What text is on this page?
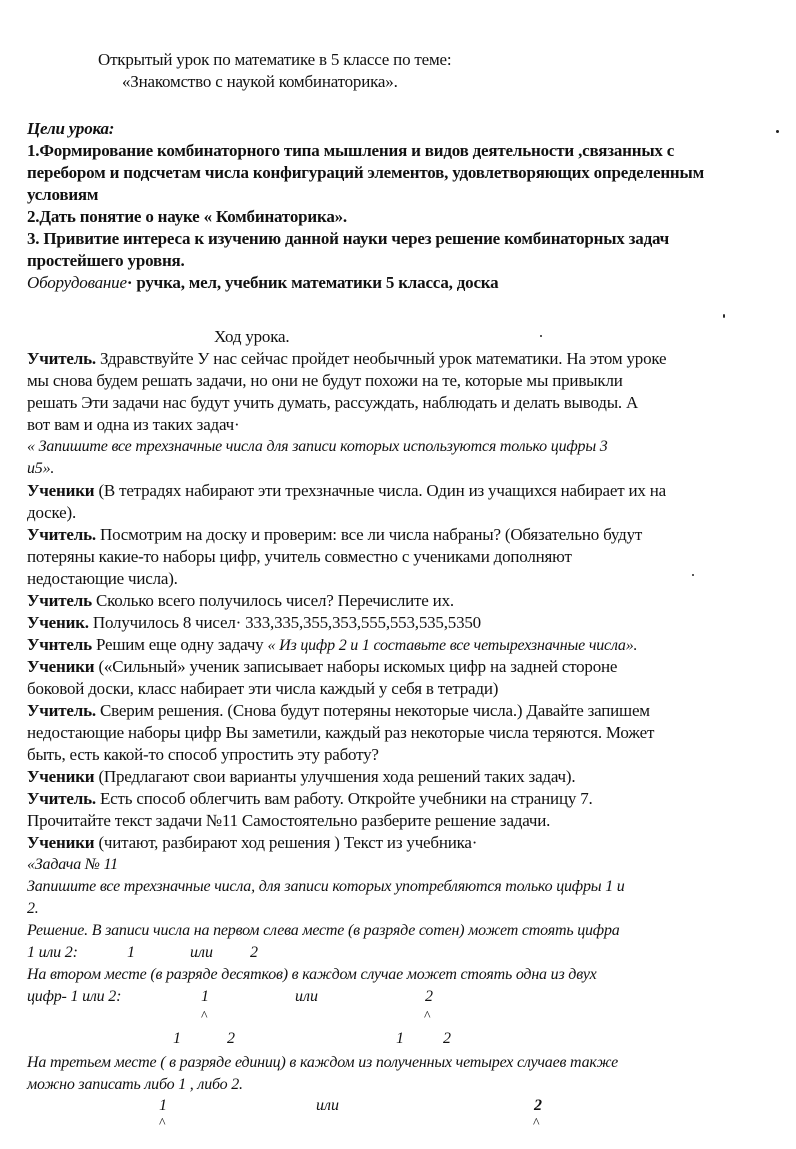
Открытый урок по математике в 5 классе по теме:
«Знакомство с наукой комбинаторика».
Цели урока:
1.Формирование комбинаторного типа мышления и видов деятельности ,связанных с
перебором и подсчетам числа конфигураций элементов, удовлетворяющих определенным
условиям
2.Дать понятие о науке « Комбинаторика».
3. Привитие интереса к изучению данной науки через решение комбинаторных задач
простейшего уровня.
Оборудование· ручка, мел, учебник математики 5 класса, доска
Ход урока.
Учитель. Здравствуйте У нас сейчас пройдет необычный урок математики. На этом уроке
мы снова будем решать задачи, но они не будут похожи на те, которые мы привыкли
решать Эти задачи нас будут учить думать, рассуждать, наблюдать и делать выводы. А
вот вам и одна из таких задач·
« Запишите все трехзначные числа для записи которых используются только цифры 3
и5».
Ученики (В тетрадях набирают эти трехзначные числа. Один из учащихся набирает их на
доске).
Учитель. Посмотрим на доску и проверим: все ли числа набраны? (Обязательно будут
потеряны какие-то наборы цифр, учитель совместно с учениками дополняют
недостающие числа).
Учитель Сколько всего получилось чисел? Перечислите их.
Ученик. Получилось 8 чисел· 333,335,355,353,555,553,535,5350
Учнтель Решим еще одну задачу « Из цифр 2 и 1 составьте все четырехзначные числа».
Ученики («Сильный» ученик записывает наборы искомых цифр на задней стороне
боковой доски, класс набирает эти числа каждый у себя в тетради)
Учитель. Сверим решения. (Снова будут потеряны некоторые числа.) Давайте запишем
недостающие наборы цифр Вы заметили, каждый раз некоторые числа теряются. Может
быть, есть какой-то способ упростить эту работу?
Ученики (Предлагают свои варианты улучшения хода решений таких задач).
Учитель. Есть способ облегчить вам работу. Откройте учебники на страницу 7.
Прочитайте текст задачи №11 Самостоятельно разберите решение задачи.
Ученики (читают, разбирают ход решения ) Текст из учебника·
«Задача № 11
Запишите все трехзначные числа, для записи которых употребляются только цифры 1 и
2.
Решение. В записи числа на первом слева месте (в разряде сотен) может стоять цифра
1 или 2:	1	или 2
На втором месте (в разряде десятков) в каждом случае может стоять одна из двух
цифр- 1 или 2:	1	или	2
^	^
1	2	1 2
На третьем месте ( в разряде единиц) в каждом из полученных четырех случаев также
можно записать либо 1 , либо 2.
1	или	2
^	^
